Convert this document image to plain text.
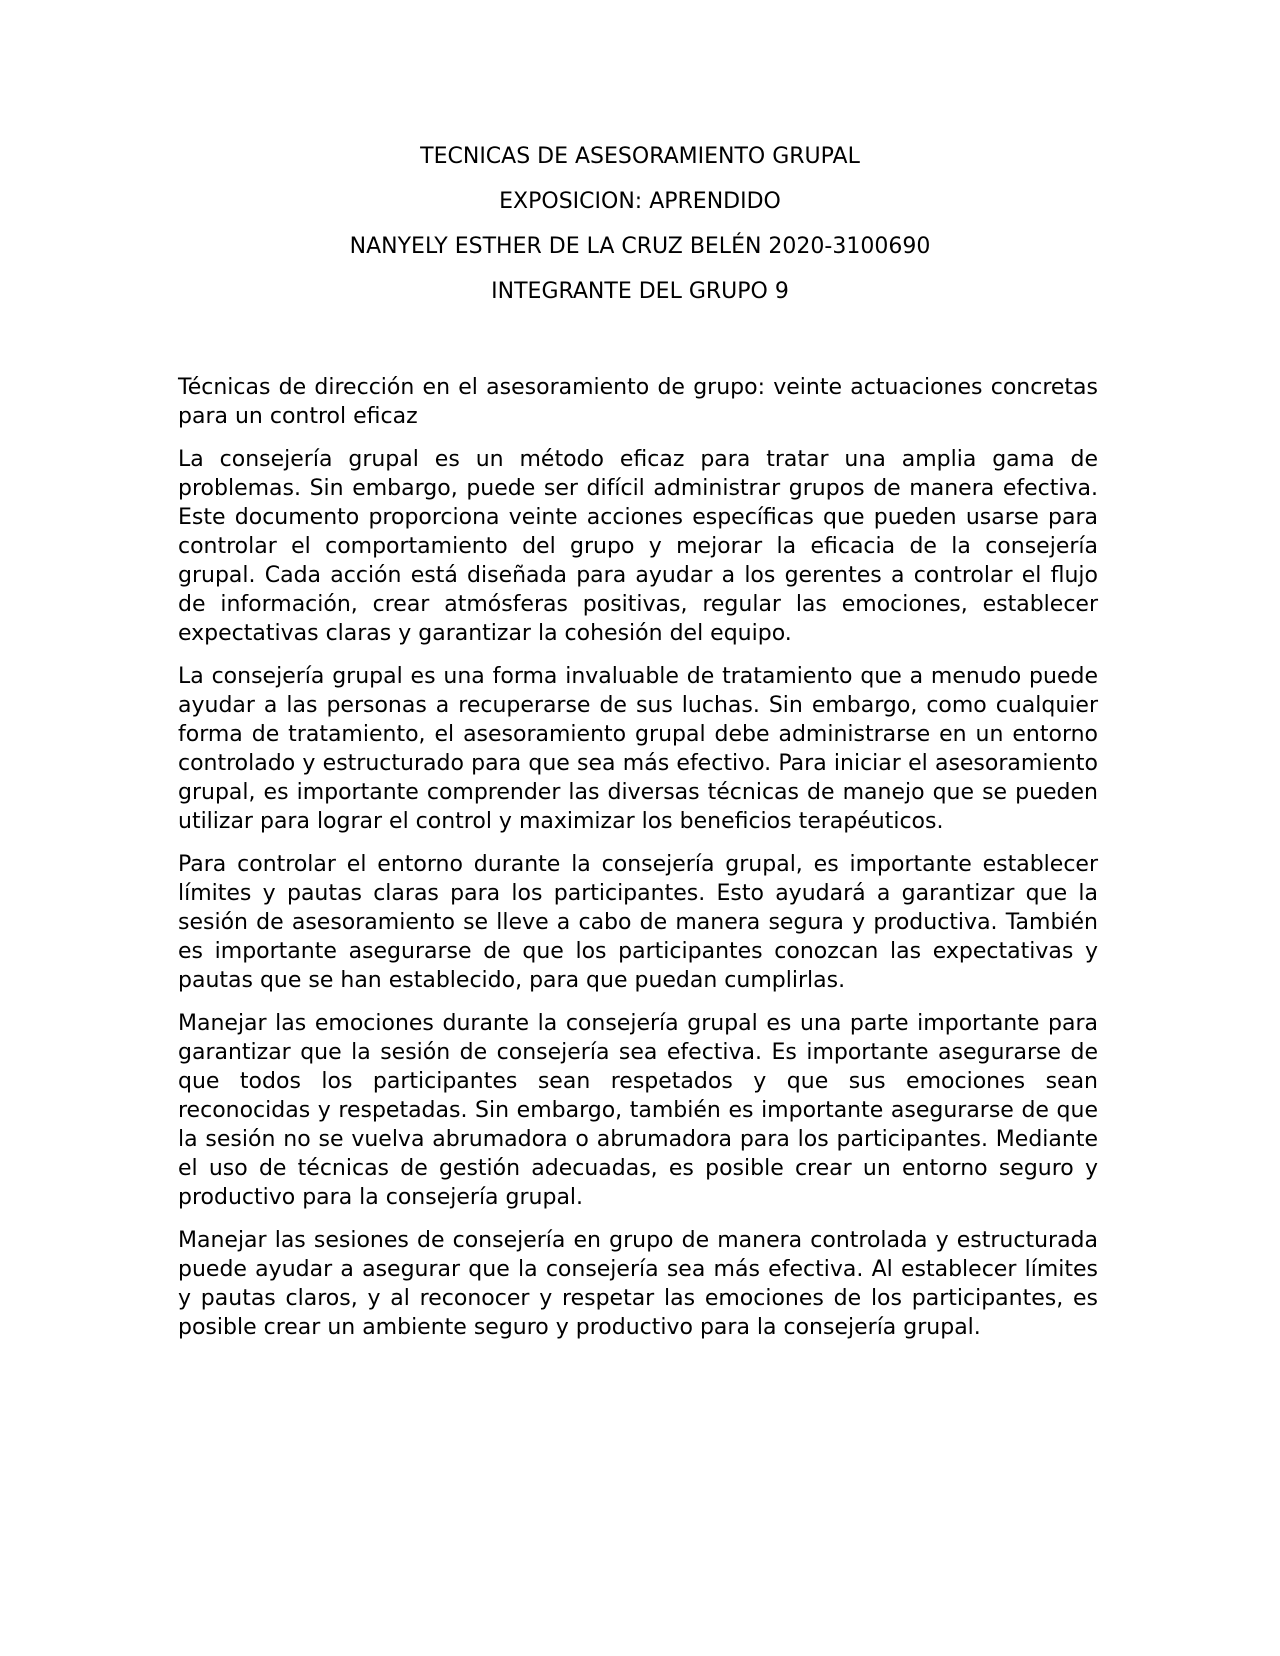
TECNICAS DE ASESORAMIENTO GRUPAL
EXPOSICION: APRENDIDO
NANYELY ESTHER DE LA CRUZ BELÉN 2020-3100690
INTEGRANTE DEL GRUPO 9

Técnicas de dirección en el asesoramiento de grupo: veinte actuaciones concretas para un control eficaz

La consejería grupal es un método eficaz para tratar una amplia gama de problemas. Sin embargo, puede ser difícil administrar grupos de manera efectiva. Este documento proporciona veinte acciones específicas que pueden usarse para controlar el comportamiento del grupo y mejorar la eficacia de la consejería grupal. Cada acción está diseñada para ayudar a los gerentes a controlar el flujo de información, crear atmósferas positivas, regular las emociones, establecer expectativas claras y garantizar la cohesión del equipo.

La consejería grupal es una forma invaluable de tratamiento que a menudo puede ayudar a las personas a recuperarse de sus luchas. Sin embargo, como cualquier forma de tratamiento, el asesoramiento grupal debe administrarse en un entorno controlado y estructurado para que sea más efectivo. Para iniciar el asesoramiento grupal, es importante comprender las diversas técnicas de manejo que se pueden utilizar para lograr el control y maximizar los beneficios terapéuticos.

Para controlar el entorno durante la consejería grupal, es importante establecer límites y pautas claras para los participantes. Esto ayudará a garantizar que la sesión de asesoramiento se lleve a cabo de manera segura y productiva. También es importante asegurarse de que los participantes conozcan las expectativas y pautas que se han establecido, para que puedan cumplirlas.

Manejar las emociones durante la consejería grupal es una parte importante para garantizar que la sesión de consejería sea efectiva. Es importante asegurarse de que todos los participantes sean respetados y que sus emociones sean reconocidas y respetadas. Sin embargo, también es importante asegurarse de que la sesión no se vuelva abrumadora o abrumadora para los participantes. Mediante el uso de técnicas de gestión adecuadas, es posible crear un entorno seguro y productivo para la consejería grupal.

Manejar las sesiones de consejería en grupo de manera controlada y estructurada puede ayudar a asegurar que la consejería sea más efectiva. Al establecer límites y pautas claros, y al reconocer y respetar las emociones de los participantes, es posible crear un ambiente seguro y productivo para la consejería grupal.
